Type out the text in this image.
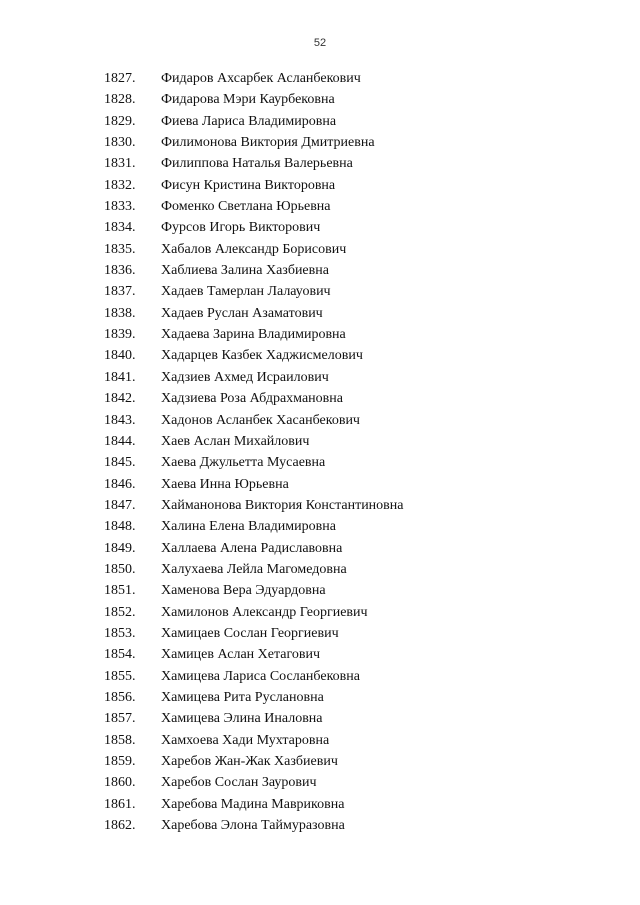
52
1827.	Фидаров Ахсарбек Асланбекович
1828.	Фидарова Мэри Каурбековна
1829.	Фиева Лариса Владимировна
1830.	Филимонова Виктория Дмитриевна
1831.	Филиппова Наталья Валерьевна
1832.	Фисун Кристина Викторовна
1833.	Фоменко Светлана Юрьевна
1834.	Фурсов Игорь Викторович
1835.	Хабалов Александр Борисович
1836.	Хаблиева Залина Хазбиевна
1837.	Хадаев Тамерлан Лалауович
1838.	Хадаев Руслан Азаматович
1839.	Хадаева Зарина Владимировна
1840.	Хадарцев Казбек Хаджисмелович
1841.	Хадзиев Ахмед Исраилович
1842.	Хадзиева Роза Абдрахмановна
1843.	Хадонов Асланбек Хасанбекович
1844.	Хаев Аслан Михайлович
1845.	Хаева Джульетта Мусаевна
1846.	Хаева Инна Юрьевна
1847.	Хайманонова Виктория Константиновна
1848.	Халина Елена Владимировна
1849.	Халлаева Алена Радиславовна
1850.	Халухаева Лейла Магомедовна
1851.	Хаменова Вера Эдуардовна
1852.	Хамилонов Александр Георгиевич
1853.	Хамицаев Сослан Георгиевич
1854.	Хамицев Аслан Хетагович
1855.	Хамицева Лариса Сосланбековна
1856.	Хамицева Рита Руслановна
1857.	Хамицева Элина Иналовна
1858.	Хамхоева Хади Мухтаровна
1859.	Харебов Жан-Жак Хазбиевич
1860.	Харебов Сослан Заурович
1861.	Харебова Мадина Мавриковна
1862.	Харебова Элона Таймуразовна
